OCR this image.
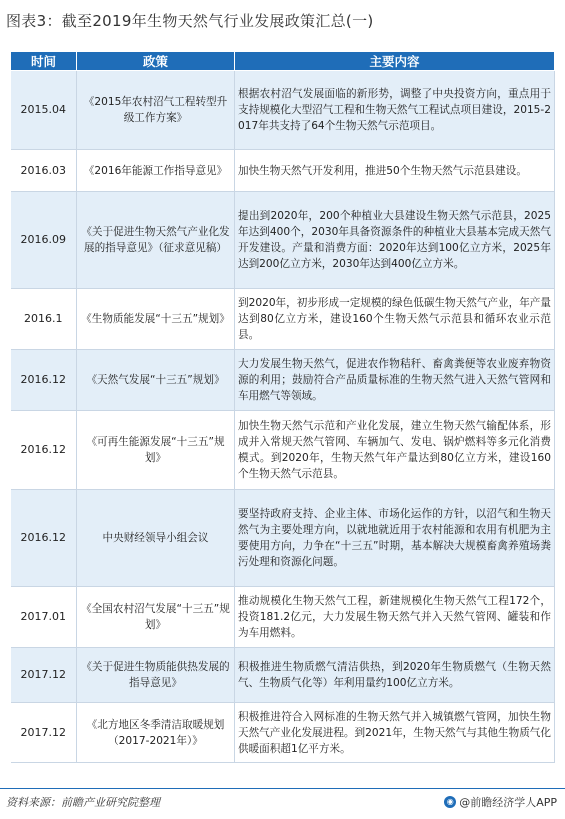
图表3：截至2019年生物天然气行业发展政策汇总(一)
时间	政策	主要内容
2015.04	《2015年农村沼气工程转型升级工作方案》	根据农村沼气发展面临的新形势，调整了中央投资方向，重点用于支持规模化大型沼气工程和生物天然气工程试点项目建设，2015-2017年共支持了64个生物天然气示范项目。
2016.03	《2016年能源工作指导意见》	加快生物天然气开发利用，推进50个生物天然气示范县建设。
2016.09	《关于促进生物天然气产业化发展的指导意见》（征求意见稿）	提出到2020年，200个种植业大县建设生物天然气示范县，2025年达到400个，2030年具备资源条件的种植业大县基本完成天然气开发建设。产量和消费方面：2020年达到100亿立方米，2025年达到200亿立方米，2030年达到400亿立方米。
2016.1	《生物质能发展“十三五”规划》	到2020年，初步形成一定规模的绿色低碳生物天然气产业，年产量达到80亿立方米，建设160个生物天然气示范县和循环农业示范县。
2016.12	《天然气发展“十三五”规划》	大力发展生物天然气，促进农作物秸秆、畜禽粪便等农业废弃物资源的利用；鼓励符合产品质量标准的生物天然气进入天然气管网和车用燃气等领域。
2016.12	《可再生能源发展“十三五”规划》	加快生物天然气示范和产业化发展，建立生物天然气输配体系，形成并入常规天然气管网、车辆加气、发电、锅炉燃料等多元化消费模式。到2020年，生物天然气年产量达到80亿立方米，建设160个生物天然气示范县。
2016.12	中央财经领导小组会议	要坚持政府支持、企业主体、市场化运作的方针，以沼气和生物天然气为主要处理方向，以就地就近用于农村能源和农用有机肥为主要使用方向，力争在“十三五”时期，基本解决大规模畜禽养殖场粪污处理和资源化问题。
2017.01	《全国农村沼气发展“十三五”规划》	推动规模化生物天然气工程，新建规模化生物天然气工程172个，投资181.2亿元，大力发展生物天然气并入天然气管网、罐装和作为车用燃料。
2017.12	《关于促进生物质能供热发展的指导意见》	积极推进生物质燃气清洁供热，到2020年生物质燃气（生物天然气、生物质气化等）年利用量约100亿立方米。
2017.12	《北方地区冬季清洁取暖规划（2017-2021年）》	积极推进符合入网标准的生物天然气并入城镇燃气管网，加快生物天然气产业化发展进程。到2021年，生物天然气与其他生物质气化供暖面积超1亿平方米。
资料来源：前瞻产业研究院整理	◉ @前瞻经济学人APP
